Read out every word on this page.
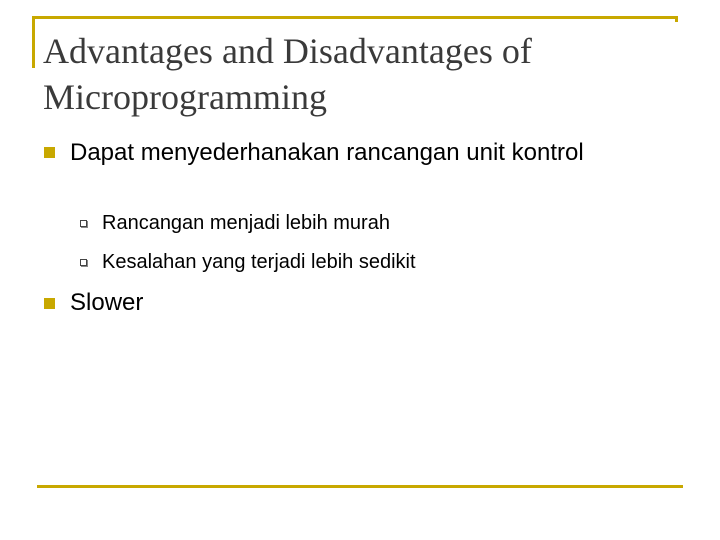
Advantages and Disadvantages of Microprogramming
Dapat menyederhanakan rancangan unit kontrol
Rancangan menjadi lebih murah
Kesalahan yang terjadi lebih sedikit
Slower
